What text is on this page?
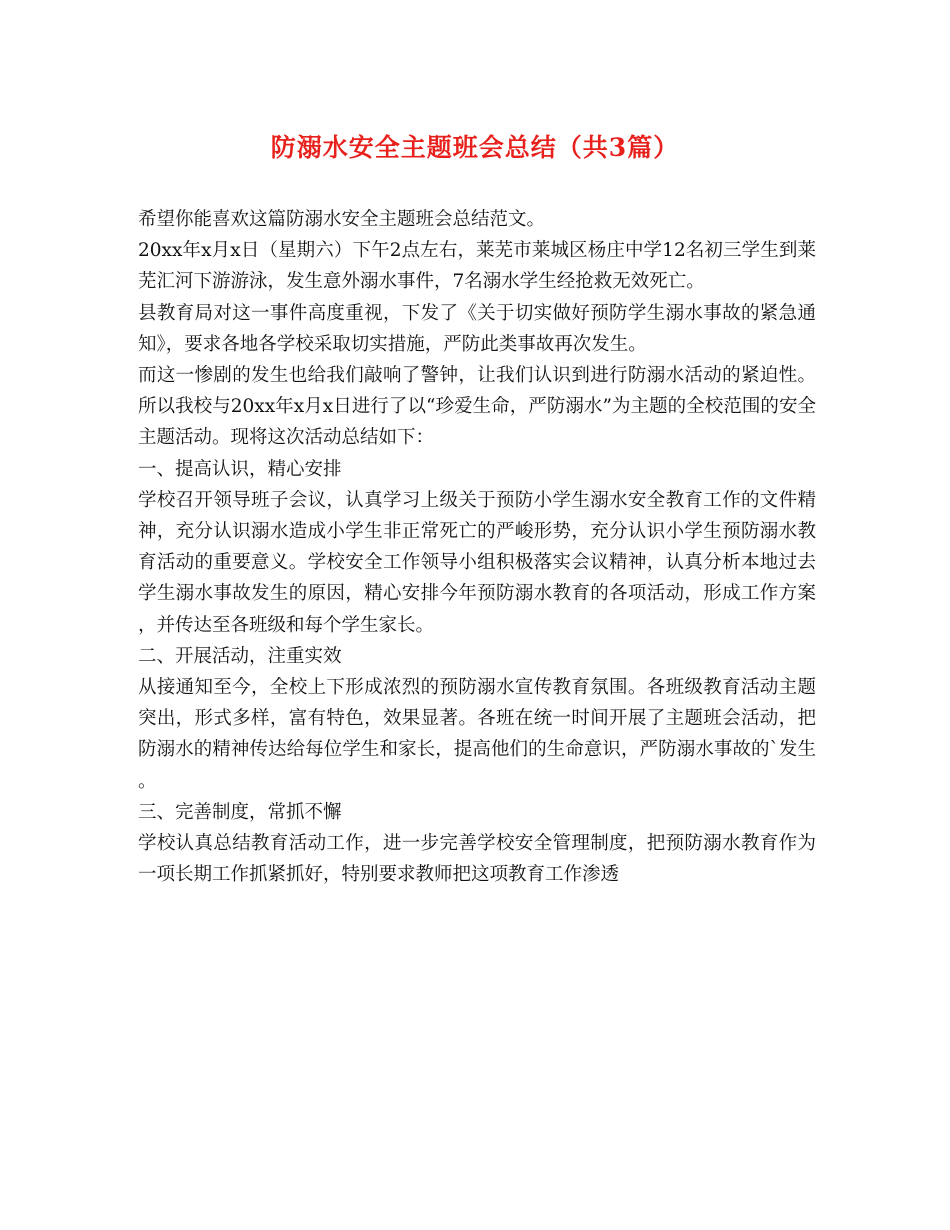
防溺水安全主题班会总结（共3篇）

希望你能喜欢这篇防溺水安全主题班会总结范文。

20xx年x月x日（星期六）下午2点左右，莱芜市莱城区杨庄中学12名初三学生到莱芜汇河下游游泳，发生意外溺水事件，7名溺水学生经抢救无效死亡。

县教育局对这一事件高度重视，下发了《关于切实做好预防学生溺水事故的紧急通知》，要求各地各学校采取切实措施，严防此类事故再次发生。

而这一惨剧的发生也给我们敲响了警钟，让我们认识到进行防溺水活动的紧迫性。所以我校与20xx年x月x日进行了以“珍爱生命，严防溺水”为主题的全校范围的安全主题活动。现将这次活动总结如下：

一、提高认识，精心安排

学校召开领导班子会议，认真学习上级关于预防小学生溺水安全教育工作的文件精神，充分认识溺水造成小学生非正常死亡的严峻形势，充分认识小学生预防溺水教育活动的重要意义。学校安全工作领导小组积极落实会议精神，认真分析本地过去学生溺水事故发生的原因，精心安排今年预防溺水教育的各项活动，形成工作方案，并传达至各班级和每个学生家长。

二、开展活动，注重实效

从接通知至今，全校上下形成浓烈的预防溺水宣传教育氛围。各班级教育活动主题突出，形式多样，富有特色，效果显著。各班在统一时间开展了主题班会活动，把防溺水的精神传达给每位学生和家长，提高他们的生命意识，严防溺水事故的`发生。

三、完善制度，常抓不懈

学校认真总结教育活动工作，进一步完善学校安全管理制度，把预防溺水教育作为一项长期工作抓紧抓好，特别要求教师把这项教育工作渗透
